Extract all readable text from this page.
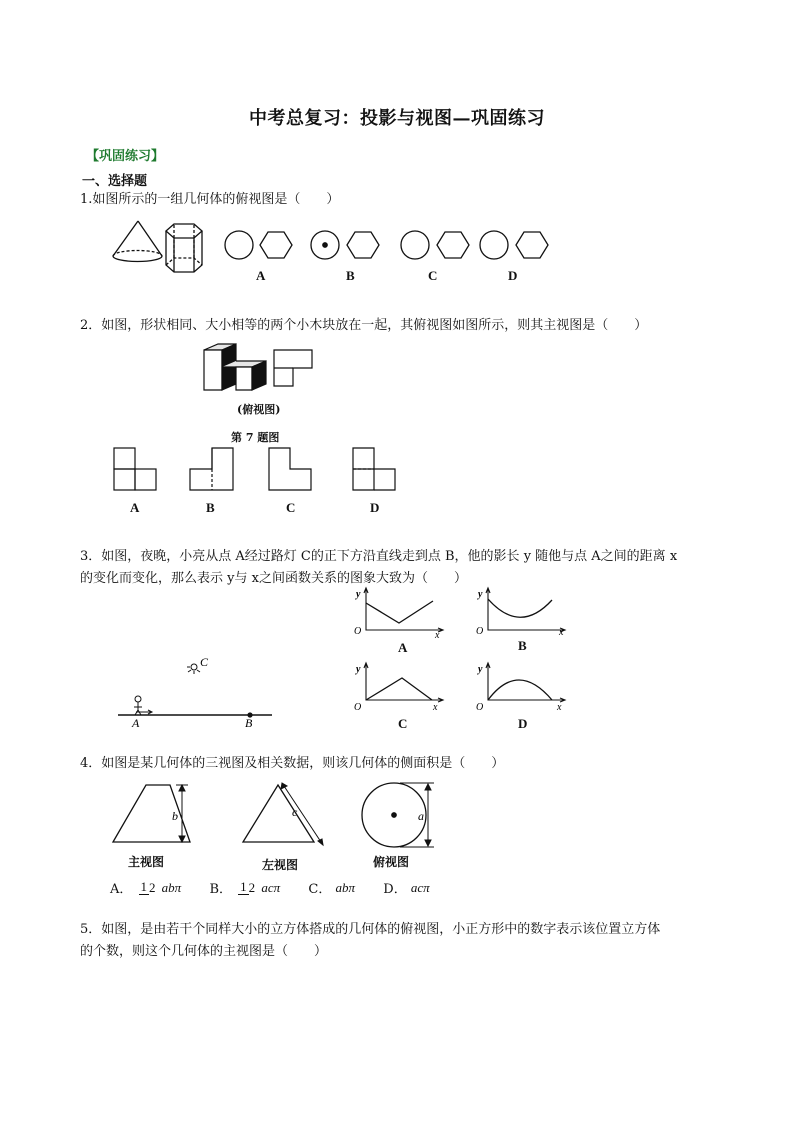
中考总复习：投影与视图—巩固练习
【巩固练习】
一、选择题
1.如图所示的一组几何体的俯视图是（　　）
A	B	C	D
2．如图，形状相同、大小相等的两个小木块放在一起，其俯视图如图所示，则其主视图是（　　）
(俯视图)
第 7 题图
A	B	C	D
3．如图，夜晚，小亮从点 A经过路灯 C的正下方沿直线走到点 B，他的影长 y 随他与点 A之间的距离 x
的变化而变化，那么表示 y与 x之间函数关系的图象大致为（　　）
C
A	B
y
O	x
y
O	x
y
O	x
y
O	x
A	B
C	D
4．如图是某几何体的三视图及相关数据，则该几何体的侧面积是（　　）
b	c	a
主视图	左视图	俯视图
A． 1 2 abπ B． 1 2 acπ C． abπ D． acπ
5．如图，是由若干个同样大小的立方体搭成的几何体的俯视图，小正方形中的数字表示该位置立方体
的个数，则这个几何体的主视图是（　　）
